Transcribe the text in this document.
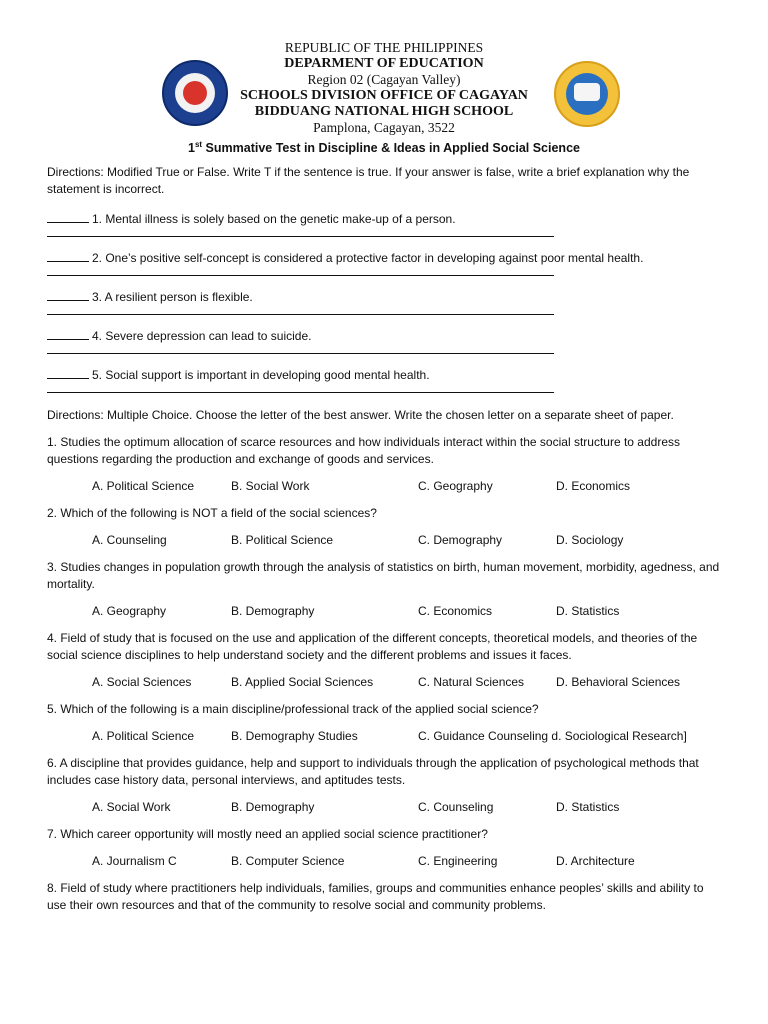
REPUBLIC OF THE PHILIPPINES
DEPARMENT OF EDUCATION
Region 02 (Cagayan Valley)
SCHOOLS DIVISION OFFICE OF CAGAYAN
BIDDUANG NATIONAL HIGH SCHOOL
Pamplona, Cagayan, 3522
1st Summative Test in Discipline & Ideas in Applied Social Science

Directions: Modified True or False. Write T if the sentence is true. If your answer is false, write a brief explanation why the statement is incorrect.

1. Mental illness is solely based on the genetic make-up of a person.
2. One’s positive self-concept is considered a protective factor in developing against poor mental health.
3. A resilient person is flexible.
4. Severe depression can lead to suicide.
5. Social support is important in developing good mental health.

Directions: Multiple Choice. Choose the letter of the best answer. Write the chosen letter on a separate sheet of paper.

1. Studies the optimum allocation of scarce resources and how individuals interact within the social structure to address questions regarding the production and exchange of goods and services.
A. Political Science	B. Social Work	C. Geography	D. Economics
2. Which of the following is NOT a field of the social sciences?
A. Counseling	B. Political Science	C. Demography	D. Sociology
3. Studies changes in population growth through the analysis of statistics on birth, human movement, morbidity, agedness, and mortality.
A. Geography	B. Demography	C. Economics	D. Statistics
4. Field of study that is focused on the use and application of the different concepts, theoretical models, and theories of the social science disciplines to help understand society and the different problems and issues it faces.
A. Social Sciences	B. Applied Social Sciences	C. Natural Sciences	D. Behavioral Sciences
5. Which of the following is a main discipline/professional track of the applied social science?
A. Political Science	B. Demography Studies	C. Guidance Counseling d. Sociological Research]
6. A discipline that provides guidance, help and support to individuals through the application of psychological methods that includes case history data, personal interviews, and aptitudes tests.
A. Social Work	B. Demography	C. Counseling	D. Statistics
7. Which career opportunity will mostly need an applied social science practitioner?
A. Journalism C	B. Computer Science	C. Engineering	D. Architecture
8. Field of study where practitioners help individuals, families, groups and communities enhance peoples’ skills and ability to use their own resources and that of the community to resolve social and community problems.
